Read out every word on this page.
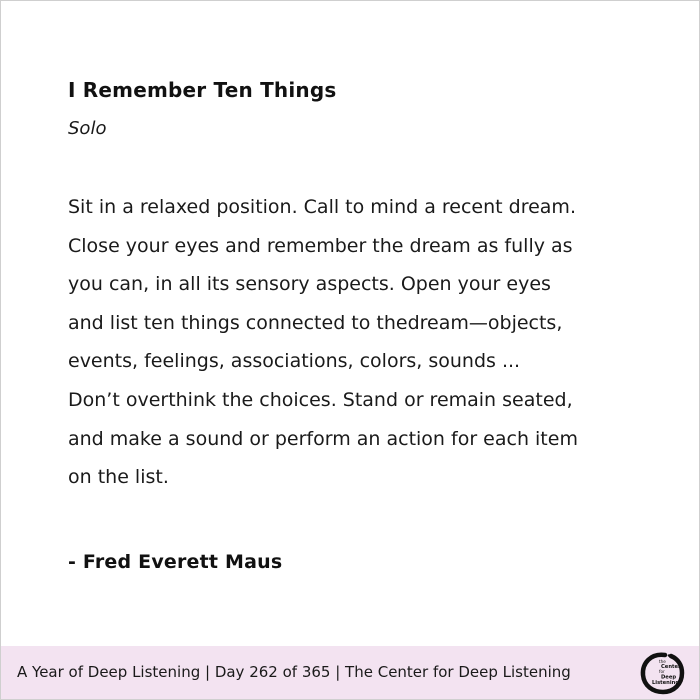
I Remember Ten Things
Solo
Sit in a relaxed position. Call to mind a recent dream.
Close your eyes and remember the dream as fully as
you can, in all its sensory aspects. Open your eyes
and list ten things connected to thedream—objects,
events, feelings, associations, colors, sounds ...
Don’t overthink the choices. Stand or remain seated,
and make a sound or perform an action for each item
on the list.
- Fred Everett Maus
A Year of Deep Listening | Day 262 of 365 | The Center for Deep Listening
the
Center
for
Deep
Listening
